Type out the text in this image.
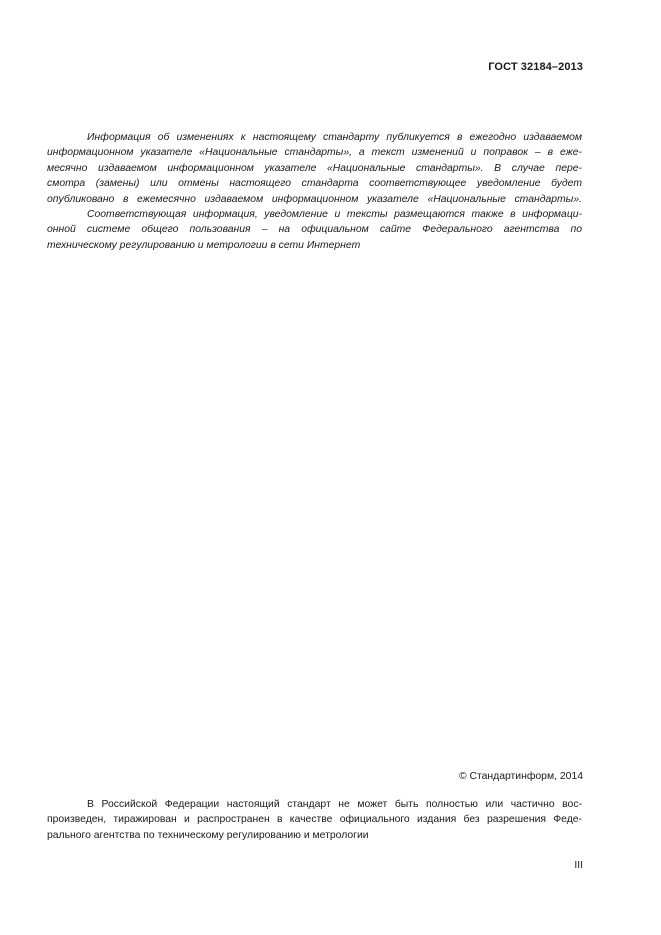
ГОСТ 32184–2013
Информация об изменениях к настоящему стандарту публикуется в ежегодно издаваемом
информационном указателе «Национальные стандарты», а текст изменений и поправок – в еже-
месячно издаваемом информационном указателе «Национальные стандарты». В случае пере-
смотра (замены) или отмены настоящего стандарта соответствующее уведомление будет
опубликовано в ежемесячно издаваемом информационном указателе «Национальные стандарты».
Соответствующая информация, уведомление и тексты размещаются также в информаци-
онной системе общего пользования – на официальном сайте Федерального агентства по
техническому регулированию и метрологии в сети Интернет
© Стандартинформ, 2014
В Российской Федерации настоящий стандарт не может быть полностью или частично вос-
произведен, тиражирован и распространен в качестве официального издания без разрешения Феде-
рального агентства по техническому регулированию и метрологии
III
